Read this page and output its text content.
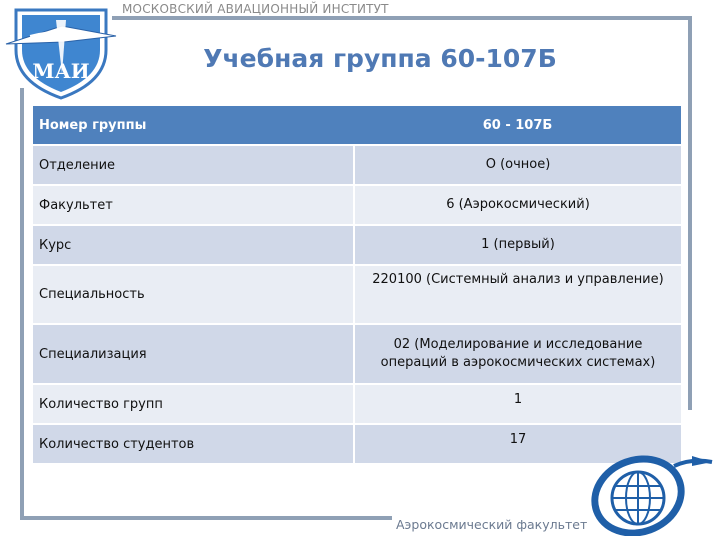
МАИ
МОСКОВСКИЙ АВИАЦИОННЫЙ ИНСТИТУТ
Учебная группа 60-107Б
Номер группы	60 - 107Б
Отделение	О (очное)
Факультет	6 (Аэрокосмический)
Курс	1 (первый)
Специальность	220100 (Системный анализ и управление)
Специализация	02 (Моделирование и исследование операций в аэрокосмических системах)
Количество групп	1
Количество студентов	17
Аэрокосмический факультет
